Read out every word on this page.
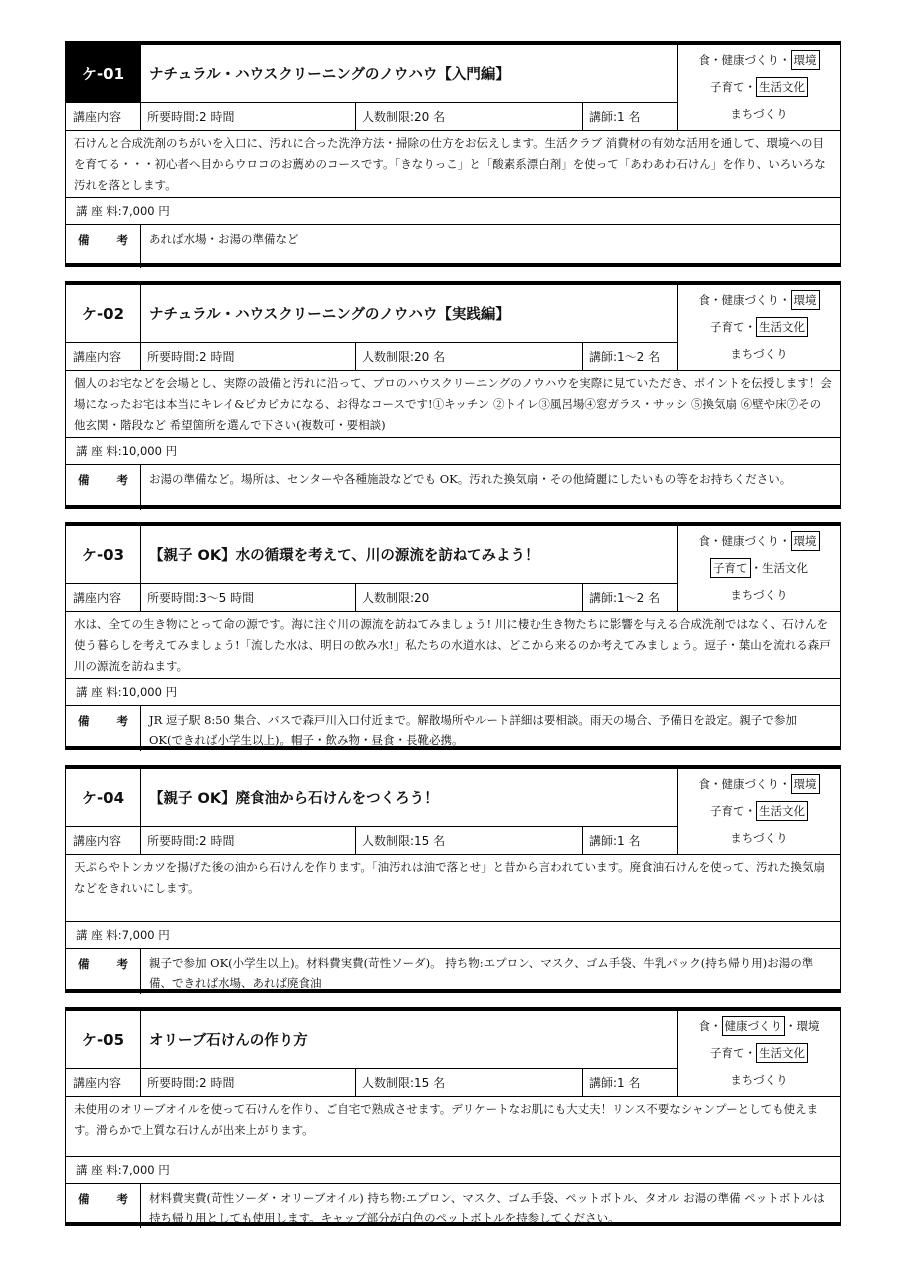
ケ-01	ナチュラル・ハウスクリーニングのノウハウ【入門編】
食・健康づくり・ 環境
子育て・ 生活文化
まちづくり
講座内容	所要時間:2 時間	人数制限:20 名	講師:1 名
石けんと合成洗剤のちがいを入口に、汚れに合った洗浄方法・掃除の仕方をお伝えします。生活クラブ 消費材の有効な活用を通して、環境への目を育てる・・・初心者へ目からウロコのお薦めのコースです。「きなりっこ」と「酸素系漂白剤」を使って「あわあわ石けん」を作り、いろいろな汚れを落とします。
講 座 料: 7,000 円
備 考	あれば水場・お湯の準備など
ケ-02	ナチュラル・ハウスクリーニングのノウハウ【実践編】
食・健康づくり・ 環境
子育て・ 生活文化
まちづくり
講座内容	所要時間:2 時間	人数制限:20 名	講師:1～2 名
個人のお宅などを会場とし、実際の設備と汚れに沿って、プロのハウスクリーニングのノウハウを実際に見ていただき、ポイントを伝授します！会場になったお宅は本当にキレイ&ピカピカになる、お得なコースです!①キッチン ②トイレ③風呂場④窓ガラス・サッシ ⑤換気扇 ⑥壁や床⑦その他玄関・階段など 希望箇所を選んで下さい(複数可・要相談)
講 座 料: 10,000 円
備 考	お湯の準備など。場所は、センターや各種施設などでも OK。汚れた換気扇・その他綺麗にしたいもの等をお持ちください。
ケ-03	【親子 OK】水の循環を考えて、川の源流を訪ねてみよう！
食・健康づくり・ 環境
子育て ・生活文化
まちづくり
講座内容	所要時間:3～5 時間	人数制限:20	講師:1～2 名
水は、全ての生き物にとって命の源です。海に注ぐ川の源流を訪ねてみましょう! 川に棲む生き物たちに影響を与える合成洗剤ではなく、石けんを使う暮らしを考えてみましょう!「流した水は、明日の飲み水!」私たちの水道水は、どこから来るのか考えてみましょう。逗子・葉山を流れる森戸川の源流を訪ねます。
講 座 料: 10,000 円
備 考	JR 逗子駅 8:50 集合、バスで森戸川入口付近まで。解散場所やルート詳細は要相談。雨天の場合、予備日を設定。親子で参加 OK(できれば小学生以上)。帽子・飲み物・昼食・長靴必携。
ケ-04	【親子 OK】廃食油から石けんをつくろう！
食・健康づくり・ 環境
子育て・ 生活文化
まちづくり
講座内容	所要時間:2 時間	人数制限:15 名	講師:1 名
天ぷらやトンカツを揚げた後の油から石けんを作ります。「油汚れは油で落とせ」と昔から言われています。廃食油石けんを使って、汚れた換気扇などをきれいにします。
講 座 料: 7,000 円
備 考	親子で参加 OK(小学生以上)。材料費実費(苛性ソーダ)。 持ち物:エプロン、マスク、ゴム手袋、牛乳パック(持ち帰り用)お湯の準備、できれば水場、あれば廃食油
ケ-05	オリーブ石けんの作り方
食・ 健康づくり ・環境
子育て・ 生活文化
まちづくり
講座内容	所要時間:2 時間	人数制限:15 名	講師:1 名
未使用のオリーブオイルを使って石けんを作り、ご自宅で熟成させます。デリケートなお肌にも大丈夫！リンス不要なシャンプーとしても使えます。滑らかで上質な石けんが出来上がります。
講 座 料: 7,000 円
備 考	材料費実費(苛性ソーダ・オリーブオイル) 持ち物:エプロン、マスク、ゴム手袋、ペットボトル、タオル お湯の準備 ペットボトルは持ち帰り用としても使用します。キャップ部分が白色のペットボトルを持参してください。
